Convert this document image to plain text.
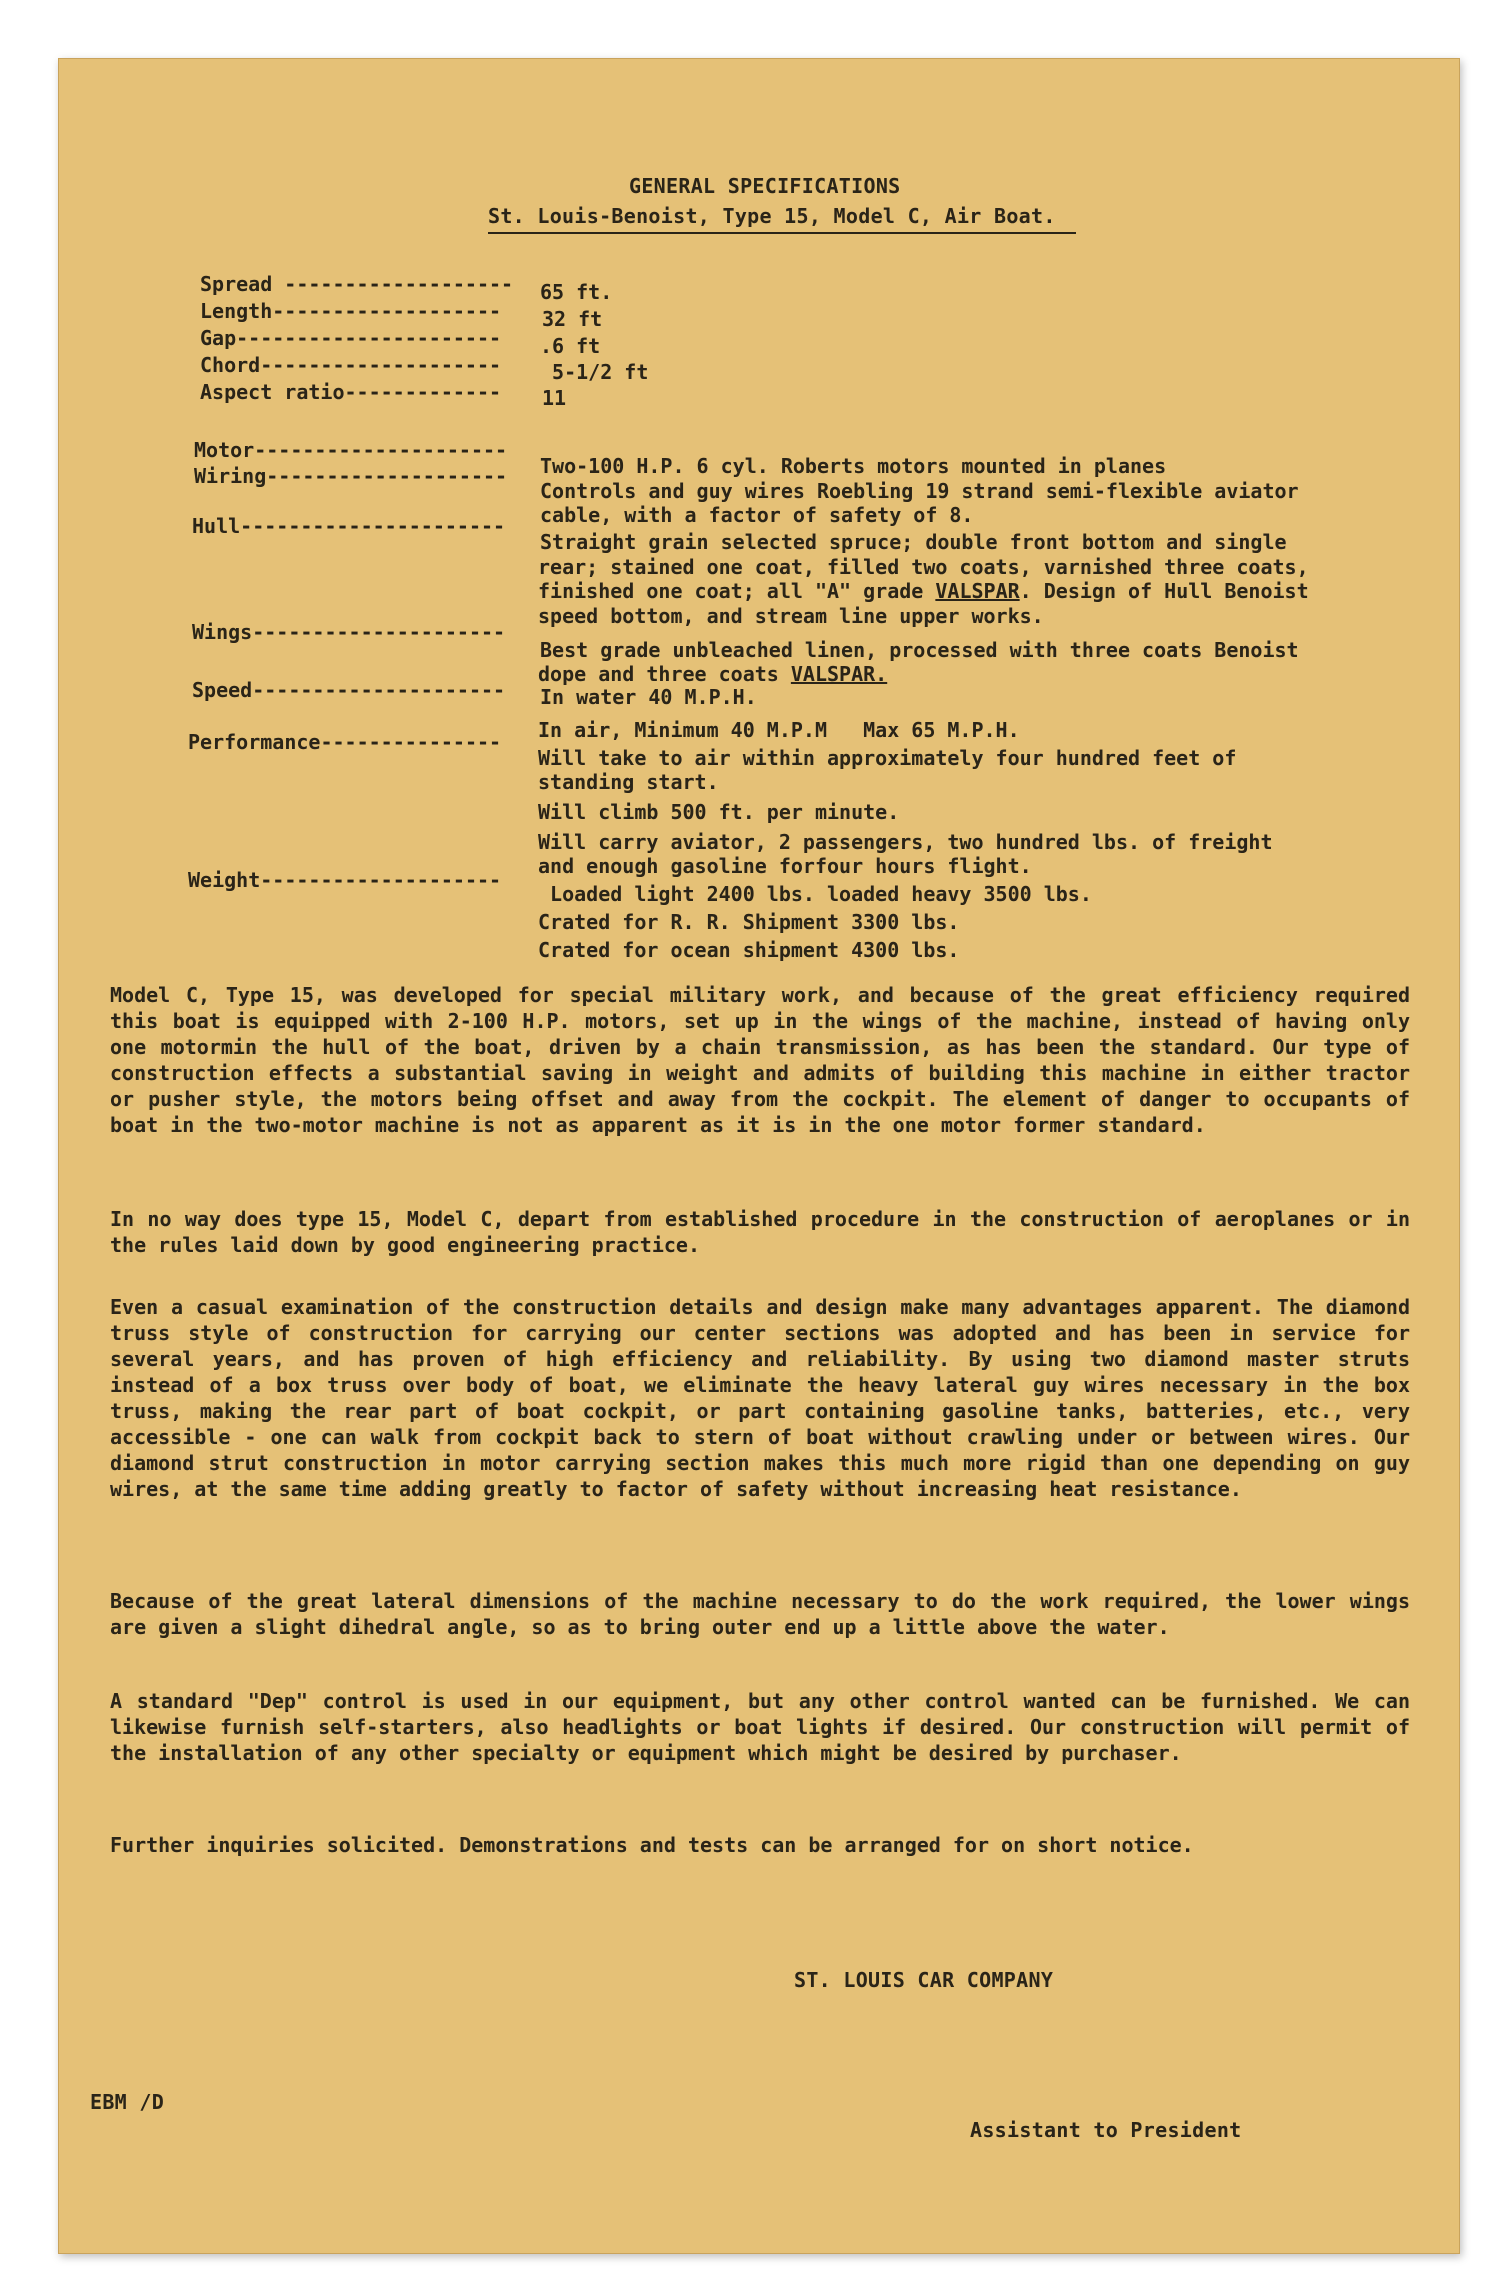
GENERAL SPECIFICATIONS
St. Louis-Benoist, Type 15, Model C, Air Boat.
Spread ------------------- 65 ft.
Length------------------- 32 ft
Gap---------------------- .6 ft
Chord-------------------- 5-1/2 ft
Aspect ratio------------- 11
Motor---------------------
Two-100 H.P. 6 cyl. Roberts motors mounted in planes
Wiring--------------------
Controls and guy wires Roebling 19 strand semi-flexible aviator
cable, with a factor of safety of 8.
Hull----------------------
Straight grain selected spruce; double front bottom and single
rear; stained one coat, filled two coats, varnished three coats,
finished one coat; all "A" grade VALSPAR. Design of Hull Benoist
speed bottom, and stream line upper works.
Wings---------------------
Best grade unbleached linen, processed with three coats Benoist
dope and three coats VALSPAR.
Speed--------------------- In water 40 M.P.H.
In air, Minimum 40 M.P.M   Max 65 M.P.H.
Performance---------------
Will take to air within approximately four hundred feet of
standing start.
Will climb 500 ft. per minute.
Will carry aviator, 2 passengers, two hundred lbs. of freight
and enough gasoline forfour hours flight.
Weight--------------------
Loaded light 2400 lbs. loaded heavy 3500 lbs.
Crated for R. R. Shipment 3300 lbs.
Crated for ocean shipment 4300 lbs.

Model C, Type 15, was developed for special military work, and because of the great efficiency required this boat is equipped with 2-100 H.P. motors, set up in the wings of the machine, instead of having only one motormin the hull of the boat, driven by a chain transmission, as has been the standard. Our type of construction effects a substantial saving in weight and admits of building this machine in either tractor or pusher style, the motors being offset and away from the cockpit. The element of danger to occupants of boat in the two-motor machine is not as apparent as it is in the one motor former standard.

In no way does type 15, Model C, depart from established procedure in the construction of aeroplanes or in the rules laid down by good engineering practice.

Even a casual examination of the construction details and design make many advantages apparent. The diamond truss style of construction for carrying our center sections was adopted and has been in service for several years, and has proven of high efficiency and reliability. By using two diamond master struts instead of a box truss over body of boat, we eliminate the heavy lateral guy wires necessary in the box truss, making the rear part of boat cockpit, or part containing gasoline tanks, batteries, etc., very accessible - one can walk from cockpit back to stern of boat without crawling under or between wires. Our diamond strut construction in motor carrying section makes this much more rigid than one depending on guy wires, at the same time adding greatly to factor of safety without increasing heat resistance.

Because of the great lateral dimensions of the machine necessary to do the work required, the lower wings are given a slight dihedral angle, so as to bring outer end up a little above the water.

A standard "Dep" control is used in our equipment, but any other control wanted can be furnished. We can likewise furnish self-starters, also headlights or boat lights if desired. Our construction will permit of the installation of any other specialty or equipment which might be desired by purchaser.

Further inquiries solicited. Demonstrations and tests can be arranged for on short notice.

ST. LOUIS CAR COMPANY
EBM /D
Assistant to President
